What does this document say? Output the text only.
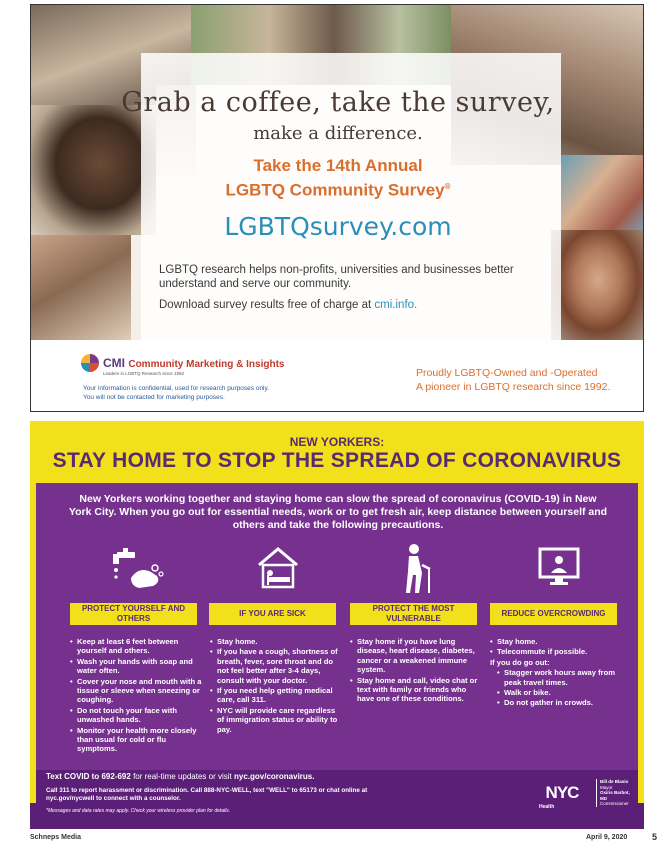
Grab a coffee, take the survey,
make a difference.
Take the 14th Annual
LGBTQ Community Survey®
LGBTQsurvey.com
LGBTQ research helps non-profits, universities and businesses better understand and serve our community.
Download survey results free of charge at cmi.info.
CMI Community Marketing & Insights
Leaders in LGBTQ Research since 1992
Your information is confidential, used for research purposes only.
You will not be contacted for marketing purposes.
Proudly LGBTQ-Owned and -Operated
A pioneer in LGBTQ research since 1992.
NEW YORKERS:
STAY HOME TO STOP THE SPREAD OF CORONAVIRUS
New Yorkers working together and staying home can slow the spread of coronavirus (COVID-19) in New York City. When you go out for essential needs, work or to get fresh air, keep distance between yourself and others and take the following precautions.
PROTECT YOURSELF AND OTHERS
IF YOU ARE SICK
PROTECT THE MOST VULNERABLE
REDUCE OVERCROWDING
• Keep at least 6 feet between yourself and others.
• Wash your hands with soap and water often.
• Cover your nose and mouth with a tissue or sleeve when sneezing or coughing.
• Do not touch your face with unwashed hands.
• Monitor your health more closely than usual for cold or flu symptoms.
• Stay home.
• If you have a cough, shortness of breath, fever, sore throat and do not feel better after 3-4 days, consult with your doctor.
• If you need help getting medical care, call 311.
• NYC will provide care regardless of immigration status or ability to pay.
• Stay home if you have lung disease, heart disease, diabetes, cancer or a weakened immune system.
• Stay home and call, video chat or text with family or friends who have one of these conditions.
• Stay home.
• Telecommute if possible.
If you do go out:
• Stagger work hours away from peak travel times.
• Walk or bike.
• Do not gather in crowds.
Text COVID to 692-692 for real-time updates or visit nyc.gov/coronavirus.
Call 311 to report harassment or discrimination. Call 888-NYC-WELL, text "WELL" to 65173 or chat online at nyc.gov/nycwell to connect with a counselor.
*Messages and data rates may apply. Check your wireless provider plan for details.
NYC
Health
Bill de Blasio
Mayor
Oxiris Barbot, MD
Commissioner
Schneps Media	April 9, 2020	5
